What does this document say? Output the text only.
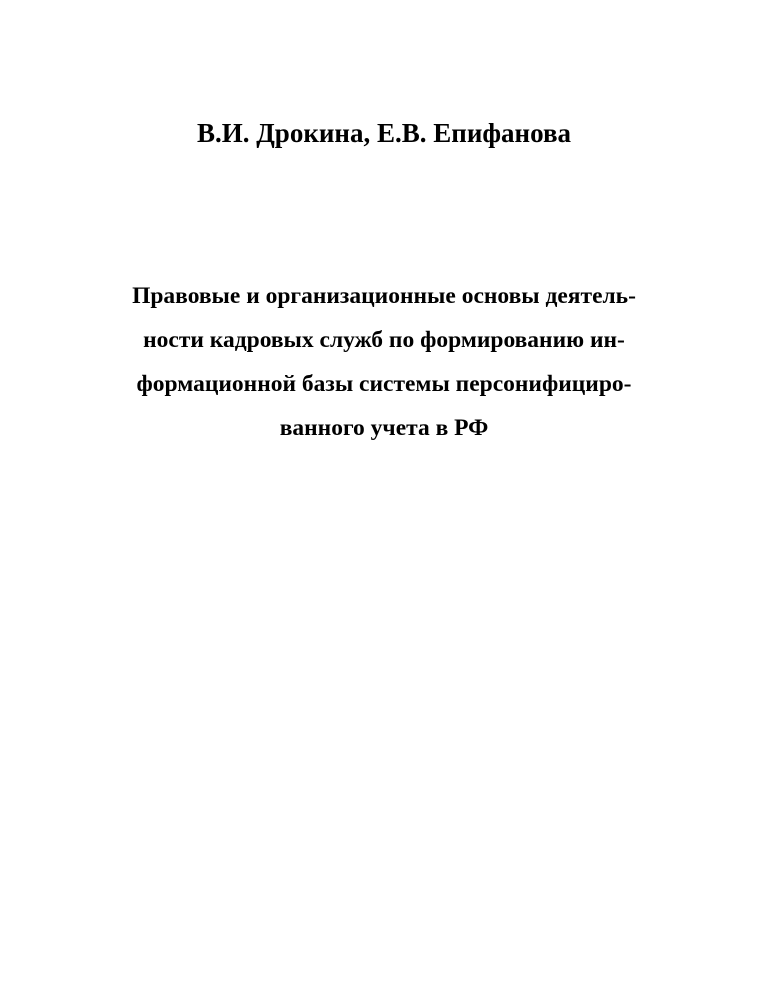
В.И. Дрокина, Е.В. Епифанова
Правовые и организационные основы деятель-
ности кадровых служб по формированию ин-
формационной базы системы персонифициро-
ванного учета в РФ
